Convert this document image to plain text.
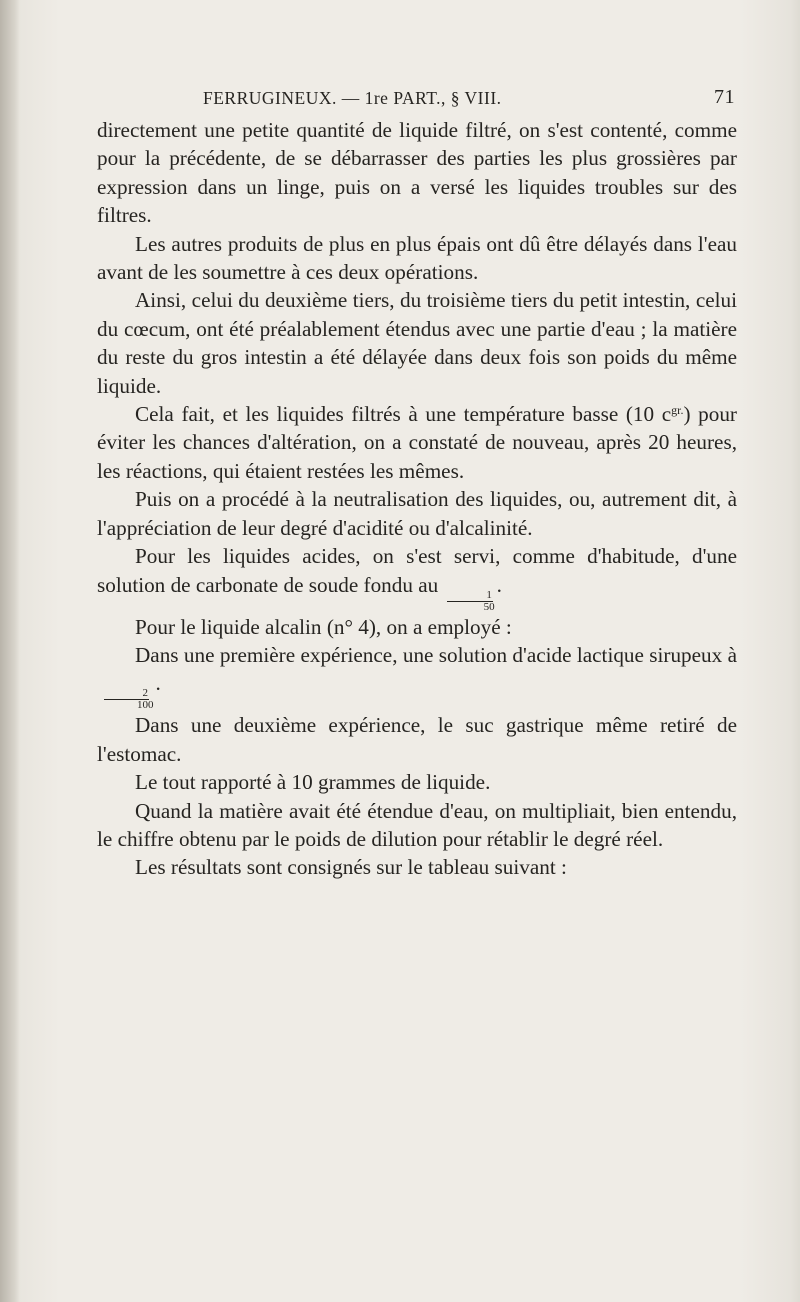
FERRUGINEUX. — 1re PART., § VIII.	71

directement une petite quantité de liquide filtré, on s'est contenté, comme pour la précédente, de se débarrasser des parties les plus grossières par expression dans un linge, puis on a versé les liquides troubles sur des filtres.

Les autres produits de plus en plus épais ont dû être délayés dans l'eau avant de les soumettre à ces deux opérations.

Ainsi, celui du deuxième tiers, du troisième tiers du petit intestin, celui du cœcum, ont été préalablement étendus avec une partie d'eau ; la matière du reste du gros intestin a été délayée dans deux fois son poids du même liquide.

Cela fait, et les liquides filtrés à une température basse (10 $c^{gr.}$) pour éviter les chances d'altération, on a constaté de nouveau, après 20 heures, les réactions, qui étaient restées les mêmes.

Puis on a procédé à la neutralisation des liquides, ou, autrement dit, à l'appréciation de leur degré d'acidité ou d'alcalinité.

Pour les liquides acides, on s'est servi, comme d'habitude, d'une solution de carbonate de soude fondu au
$\frac{1}{50}$
.

Pour le liquide alcalin (n° 4), on a employé :

Dans une première expérience, une solution d'acide lactique sirupeux à
$\frac{2}{100}$
.

Dans une deuxième expérience, le suc gastrique même retiré de l'estomac.

Le tout rapporté à 10 grammes de liquide.

Quand la matière avait été étendue d'eau, on multipliait, bien entendu, le chiffre obtenu par le poids de dilution pour rétablir le degré réel.

Les résultats sont consignés sur le tableau suivant :
